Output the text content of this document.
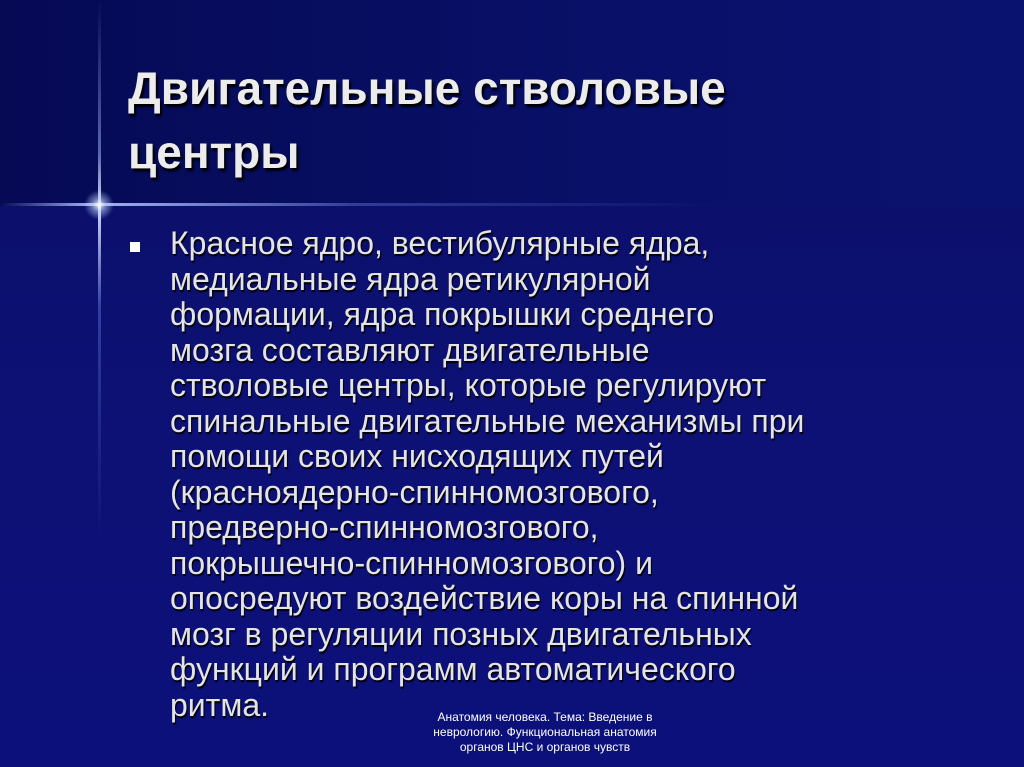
Двигательные стволовые
центры

Красное ядро, вестибулярные ядра,
медиальные ядра ретикулярной
формации, ядра покрышки среднего
мозга составляют двигательные
стволовые центры, которые регулируют
спинальные двигательные механизмы при
помощи своих нисходящих путей
(красноядерно-спинномозгового,
предверно-спинномозгового,
покрышечно-спинномозгового) и
опосредуют воздействие коры на спинной
мозг в регуляции позных двигательных
функций и программ автоматического
ритма.	Анатомия человека. Тема: Введение в
неврологию. Функциональная анатомия
органов ЦНС и органов чувств
